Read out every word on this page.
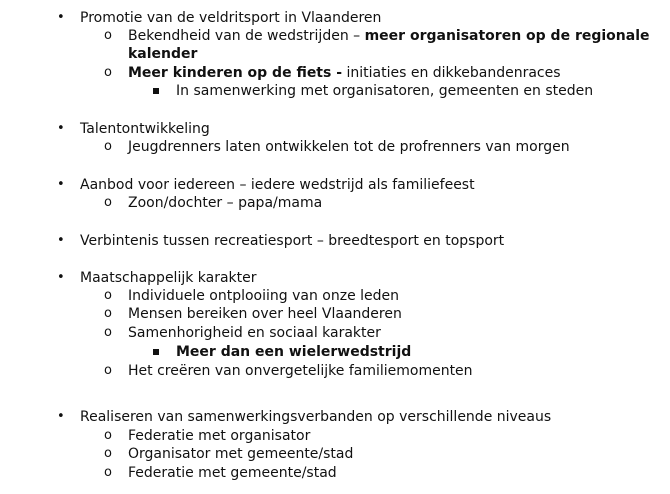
• Promotie van de veldritsport in Vlaanderen
o Bekendheid van de wedstrijden – meer organisatoren op de regionale
kalender
o Meer kinderen op de fiets - initiaties en dikkebandenraces
In samenwerking met organisatoren, gemeenten en steden
• Talentontwikkeling
o Jeugdrenners laten ontwikkelen tot de profrenners van morgen
• Aanbod voor iedereen – iedere wedstrijd als familiefeest
o Zoon/dochter – papa/mama
• Verbintenis tussen recreatiesport – breedtesport en topsport
• Maatschappelijk karakter
o Individuele ontplooiing van onze leden
o Mensen bereiken over heel Vlaanderen
o Samenhorigheid en sociaal karakter
Meer dan een wielerwedstrijd
o Het creëren van onvergetelijke familiemomenten
• Realiseren van samenwerkingsverbanden op verschillende niveaus
o Federatie met organisator
o Organisator met gemeente/stad
o Federatie met gemeente/stad
